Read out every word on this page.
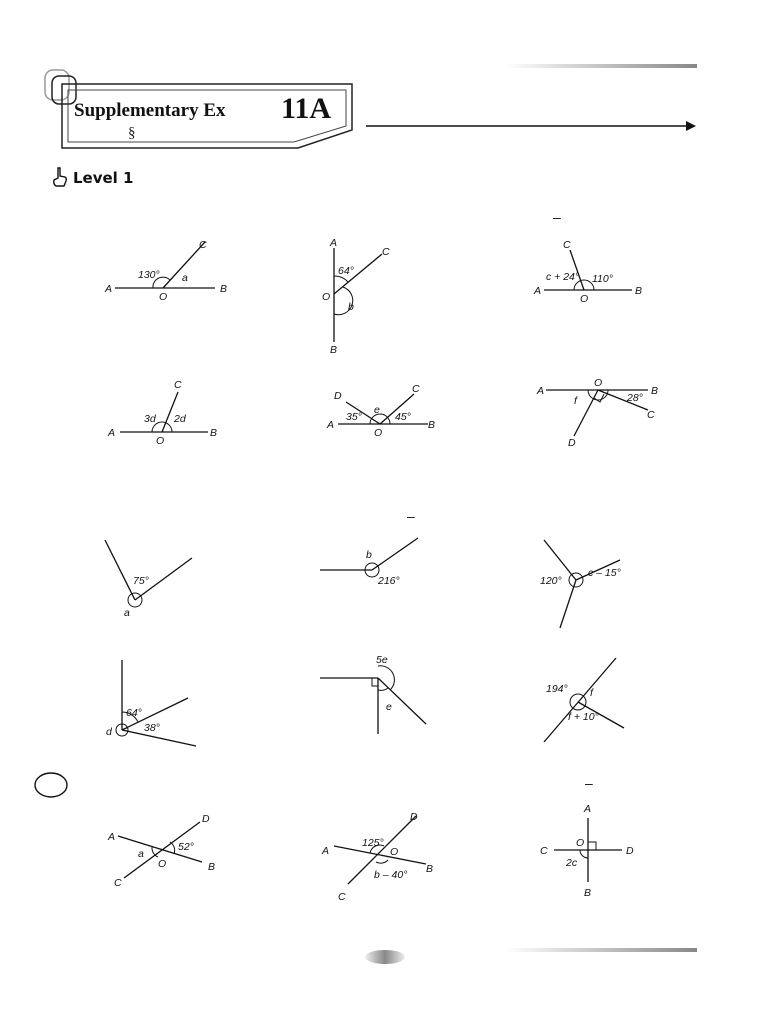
Supplementary Ex 11A
§
Level 1
–
–
–
A	B
C
O
130° a
A
B
C
O
64°
b
A	B
C
O
c + 24° 110°
A	B
C
O
3d 2d	A	B
C
D
O
35°
e
45°
A	B
C
D
O
f	28°
75°
a
b
216°	120°
c – 15°
64°
38°
d
5e
e
194° f
f + 10°
A
B
C
D
O
a
52°	A
B
C
D
O
125°
b – 40°
A
B
C	D
O
2c
